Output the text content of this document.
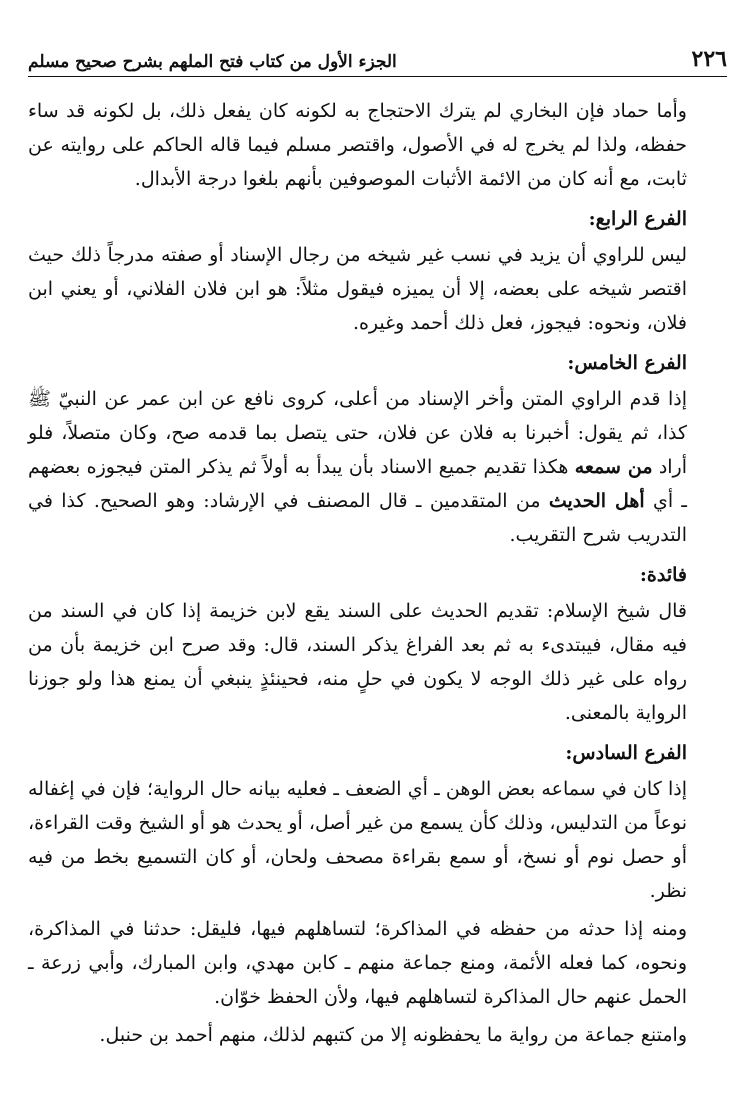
٢٢٦
الجزء الأول من كتاب فتح الملهم بشرح صحيح مسلم

وأما حماد فإن البخاري لم يترك الاحتجاج به لكونه كان يفعل ذلك، بل لكونه قد ساء حفظه، ولذا لم يخرج له في الأصول، واقتصر مسلم فيما قاله الحاكم على روايته عن ثابت، مع أنه كان من الائمة الأثبات الموصوفين بأنهم بلغوا درجة الأبدال.

الفرع الرابع:

ليس للراوي أن يزيد في نسب غير شيخه من رجال الإسناد أو صفته مدرجاً ذلك حيث اقتصر شيخه على بعضه، إلا أن يميزه فيقول مثلاً: هو ابن فلان الفلاني، أو يعني ابن فلان، ونحوه: فيجوز، فعل ذلك أحمد وغيره.

الفرع الخامس:

إذا قدم الراوي المتن وأخر الإسناد من أعلى، كروى نافع عن ابن عمر عن النبيّ ﷺ كذا، ثم يقول: أخبرنا به فلان عن فلان، حتى يتصل بما قدمه صح، وكان متصلاً، فلو أراد من سمعه هكذا تقديم جميع الاسناد بأن يبدأ به أولاً ثم يذكر المتن فيجوزه بعضهم ـ أي أهل الحديث من المتقدمين ـ قال المصنف في الإرشاد: وهو الصحيح. كذا في التدريب شرح التقريب.

فائدة:

قال شيخ الإسلام: تقديم الحديث على السند يقع لابن خزيمة إذا كان في السند من فيه مقال، فيبتدىء به ثم بعد الفراغ يذكر السند، قال: وقد صرح ابن خزيمة بأن من رواه على غير ذلك الوجه لا يكون في حلٍ منه، فحينئذٍ ينبغي أن يمنع هذا ولو جوزنا الرواية بالمعنى.

الفرع السادس:

إذا كان في سماعه بعض الوهن ـ أي الضعف ـ فعليه بيانه حال الرواية؛ فإن في إغفاله نوعاً من التدليس، وذلك كأن يسمع من غير أصل، أو يحدث هو أو الشيخ وقت القراءة، أو حصل نوم أو نسخ، أو سمع بقراءة مصحف ولحان، أو كان التسميع بخط من فيه نظر.

ومنه إذا حدثه من حفظه في المذاكرة؛ لتساهلهم فيها، فليقل: حدثنا في المذاكرة، ونحوه، كما فعله الأئمة، ومنع جماعة منهم ـ كابن مهدي، وابن المبارك، وأبي زرعة ـ الحمل عنهم حال المذاكرة لتساهلهم فيها، ولأن الحفظ خوّان.

وامتنع جماعة من رواية ما يحفظونه إلا من كتبهم لذلك، منهم أحمد بن حنبل.
